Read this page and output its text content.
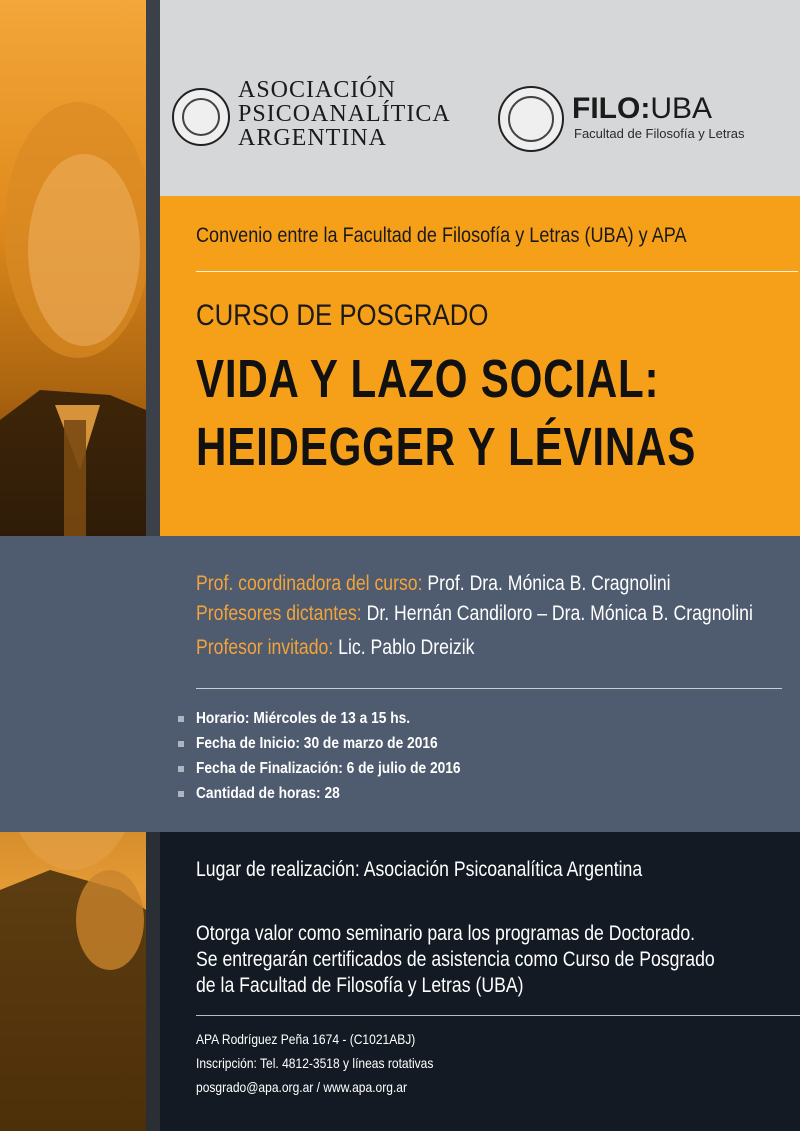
ASOCIACIÓN
PSICOANALÍTICA
ARGENTINA
FILO:UBA
Facultad de Filosofía y Letras
Convenio entre la Facultad de Filosofía y Letras (UBA) y APA
CURSO DE POSGRADO
VIDA Y LAZO SOCIAL:
HEIDEGGER Y LÉVINAS
Prof. coordinadora del curso: Prof. Dra. Mónica B. Cragnolini
Profesores dictantes: Dr. Hernán Candiloro – Dra. Mónica B. Cragnolini
Profesor invitado: Lic. Pablo Dreizik
Horario: Miércoles de 13 a 15 hs.
Fecha de Inicio: 30 de marzo de 2016
Fecha de Finalización: 6 de julio de 2016
Cantidad de horas: 28
Lugar de realización: Asociación Psicoanalítica Argentina
Otorga valor como seminario para los programas de Doctorado.
Se entregarán certificados de asistencia como Curso de Posgrado
de la Facultad de Filosofía y Letras (UBA)
APA Rodríguez Peña 1674 - (C1021ABJ)
Inscripción: Tel. 4812-3518 y líneas rotativas
posgrado@apa.org.ar / www.apa.org.ar
